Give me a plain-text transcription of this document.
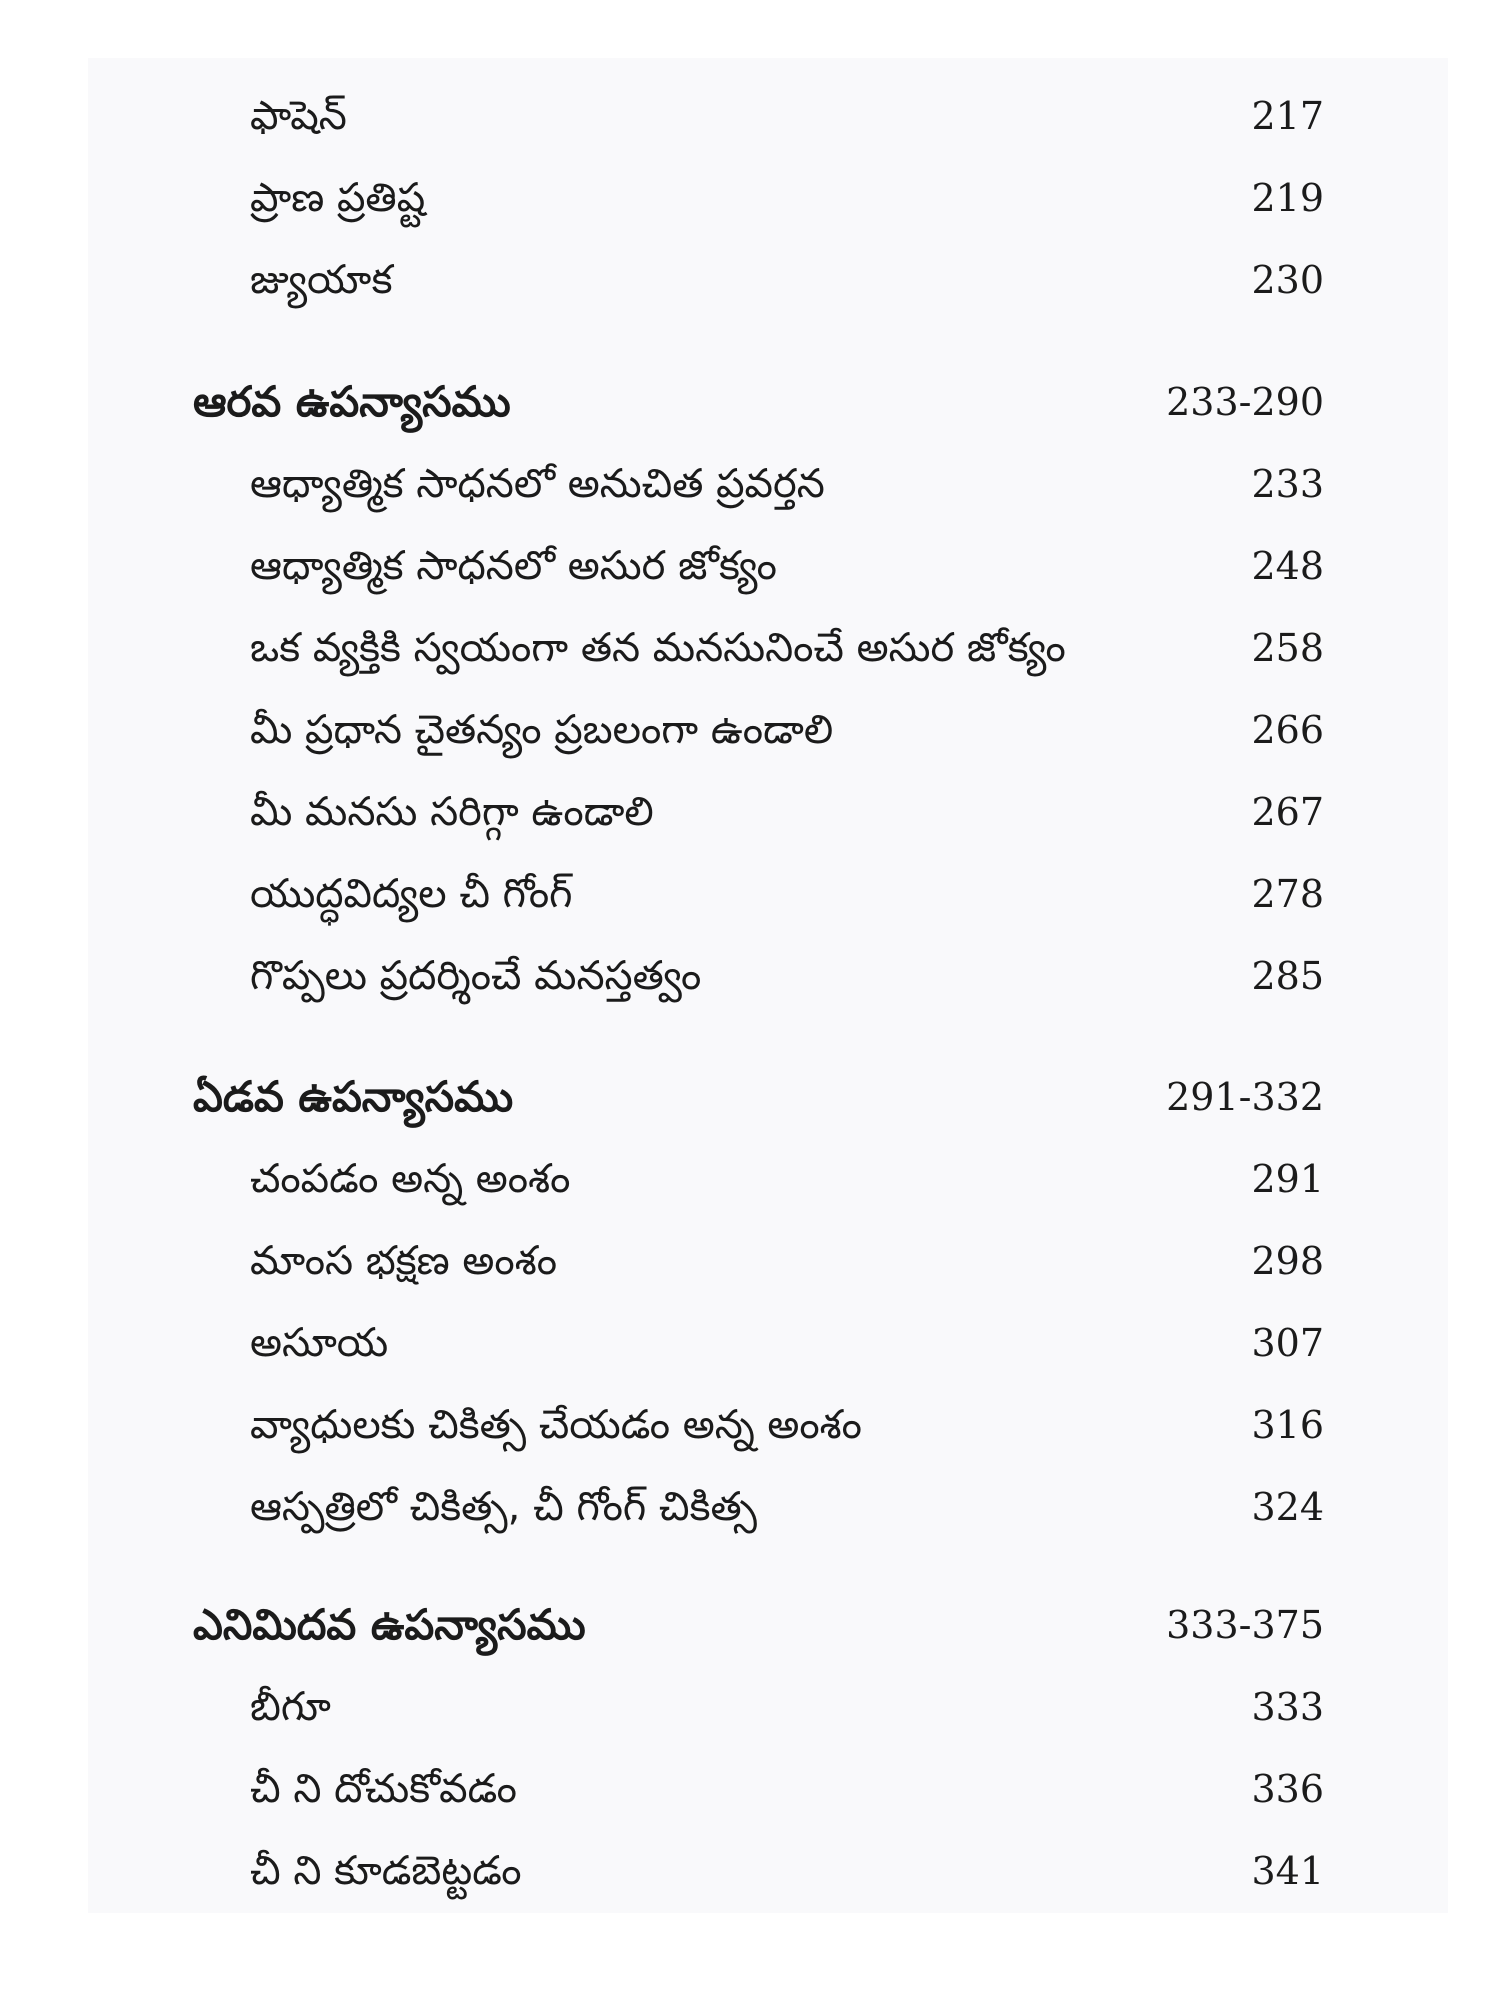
ఫాషెన్	217
ప్రాణ ప్రతిష్ట	219
జ్యుయాక	230
ఆరవ ఉపన్యాసము	233-290
ఆధ్యాత్మిక సాధనలో అనుచిత ప్రవర్తన	233
ఆధ్యాత్మిక సాధనలో అసుర జోక్యం	248
ఒక వ్యక్తికి స్వయంగా తన మనసునించే అసుర జోక్యం	258
మీ ప్రధాన చైతన్యం ప్రబలంగా ఉండాలి	266
మీ మనసు సరిగ్గా ఉండాలి	267
యుద్ధవిద్యల చీ గోంగ్	278
గొప్పలు ప్రదర్శించే మనస్తత్వం	285
ఏడవ ఉపన్యాసము	291-332
చంపడం అన్న అంశం	291
మాంస భక్షణ అంశం	298
అసూయ	307
వ్యాధులకు చికిత్స చేయడం అన్న అంశం	316
ఆస్పత్రిలో చికిత్స, చీ గోంగ్ చికిత్స	324
ఎనిమిదవ ఉపన్యాసము	333-375
బీగూ	333
చీ ని దోచుకోవడం	336
చీ ని కూడబెట్టడం	341
